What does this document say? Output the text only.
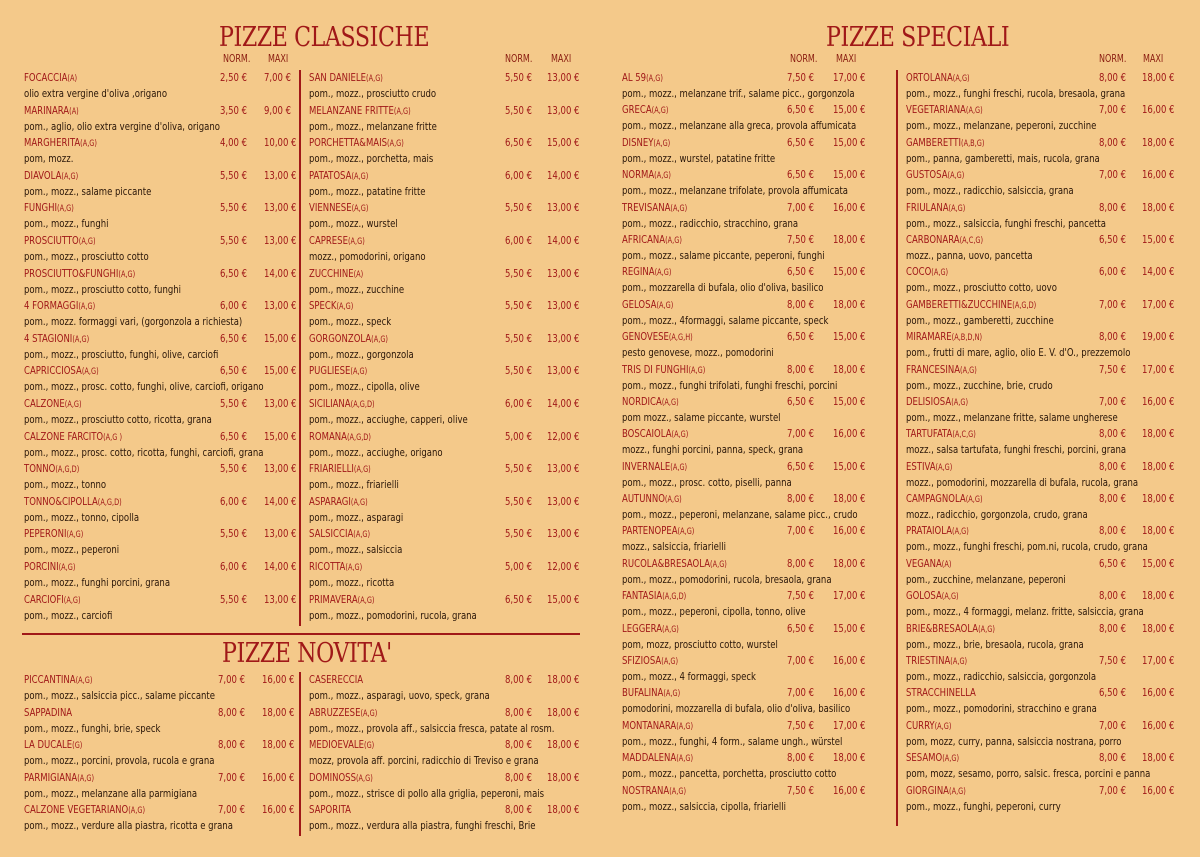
PIZZE CLASSICHE	PIZZE SPECIALI
PIZZE NOVITA'
NORM. MAXI	NORM. MAXI	NORM. MAXI	NORM. MAXI
FOCACCIA(A)	2,50 € 7,00 €
olio extra vergine d'oliva ,origano
MARINARA(A)	3,50 € 9,00 €
pom., aglio, olio extra vergine d'oliva, origano
MARGHERITA(A,G)	4,00 € 10,00 €
pom, mozz.
DIAVOLA(A,G)	5,50 € 13,00 €
pom., mozz., salame piccante
FUNGHI(A,G)	5,50 € 13,00 €
pom., mozz., funghi
PROSCIUTTO(A,G)	5,50 € 13,00 €
pom., mozz., prosciutto cotto
PROSCIUTTO&FUNGHI(A,G)	6,50 € 14,00 €
pom., mozz., prosciutto cotto, funghi
4 FORMAGGI(A,G)	6,00 € 13,00 €
pom., mozz. formaggi vari, (gorgonzola a richiesta)
4 STAGIONI(A,G)	6,50 € 15,00 €
pom., mozz., prosciutto, funghi, olive, carciofi
CAPRICCIOSA(A,G)	6,50 € 15,00 €
pom., mozz., prosc. cotto, funghi, olive, carciofi, origano
CALZONE(A,G)	5,50 € 13,00 €
pom., mozz., prosciutto cotto, ricotta, grana
CALZONE FARCITO(A,G )	6,50 € 15,00 €
pom., mozz., prosc. cotto, ricotta, funghi, carciofi, grana
TONNO(A,G,D)	5,50 € 13,00 €
pom., mozz., tonno
TONNO&CIPOLLA(A,G,D)	6,00 € 14,00 €
pom., mozz., tonno, cipolla
PEPERONI(A,G)	5,50 € 13,00 €
pom., mozz., peperoni
PORCINI(A,G)	6,00 € 14,00 €
pom., mozz., funghi porcini, grana
CARCIOFI(A,G)	5,50 € 13,00 €
pom., mozz., carciofi
SAN DANIELE(A,G)	5,50 € 13,00 €
pom., mozz., prosciutto crudo
MELANZANE FRITTE(A,G)	5,50 € 13,00 €
pom., mozz., melanzane fritte
PORCHETTA&MAIS(A,G)	6,50 € 15,00 €
pom., mozz., porchetta, mais
PATATOSA(A,G)	6,00 € 14,00 €
pom., mozz., patatine fritte
VIENNESE(A,G)	5,50 € 13,00 €
pom., mozz., wurstel
CAPRESE(A,G)	6,00 € 14,00 €
mozz., pomodorini, origano
ZUCCHINE(A)	5,50 € 13,00 €
pom., mozz., zucchine
SPECK(A,G)	5,50 € 13,00 €
pom., mozz., speck
GORGONZOLA(A,G)	5,50 € 13,00 €
pom., mozz., gorgonzola
PUGLIESE(A,G)	5,50 € 13,00 €
pom., mozz., cipolla, olive
SICILIANA(A,G,D)	6,00 € 14,00 €
pom., mozz., acciughe, capperi, olive
ROMANA(A,G,D)	5,00 € 12,00 €
pom., mozz., acciughe, origano
FRIARIELLI(A,G)	5,50 € 13,00 €
pom., mozz., friarielli
ASPARAGI(A,G)	5,50 € 13,00 €
pom., mozz., asparagi
SALSICCIA(A,G)	5,50 € 13,00 €
pom., mozz., salsiccia
RICOTTA(A,G)	5,00 € 12,00 €
pom., mozz., ricotta
PRIMAVERA(A,G)	6,50 € 15,00 €
pom., mozz., pomodorini, rucola, grana
PICCANTINA(A,G)	7,00 € 16,00 €
pom., mozz., salsiccia picc., salame piccante
SAPPADINA	8,00 € 18,00 €
pom., mozz., funghi, brie, speck
LA DUCALE(G)	8,00 € 18,00 €
pom., mozz., porcini, provola, rucola e grana
PARMIGIANA(A,G)	7,00 € 16,00 €
pom., mozz., melanzane alla parmigiana
CALZONE VEGETARIANO(A,G)	7,00 € 16,00 €
pom., mozz., verdure alla piastra, ricotta e grana
CASERECCIA	8,00 € 18,00 €
pom., mozz., asparagi, uovo, speck, grana
ABRUZZESE(A,G)	8,00 € 18,00 €
pom., mozz., provola aff., salsiccia fresca, patate al rosm.
MEDIOEVALE(G)	8,00 € 18,00 €
mozz, provola aff. porcini, radicchio di Treviso e grana
DOMINOSS(A,G)	8,00 € 18,00 €
pom., mozz., strisce di pollo alla griglia, peperoni, mais
SAPORITA	8,00 € 18,00 €
pom., mozz., verdura alla piastra, funghi freschi, Brie
AL 59(A,G)	7,50 € 17,00 €
pom., mozz., melanzane trif., salame picc., gorgonzola
GRECA(A,G)	6,50 € 15,00 €
pom., mozz., melanzane alla greca, provola affumicata
DISNEY(A,G)	6,50 € 15,00 €
pom., mozz., wurstel, patatine fritte
NORMA(A,G)	6,50 € 15,00 €
pom., mozz., melanzane trifolate, provola affumicata
TREVISANA(A,G)	7,00 € 16,00 €
pom., mozz., radicchio, stracchino, grana
AFRICANA(A,G)	7,50 € 18,00 €
pom., mozz., salame piccante, peperoni, funghi
REGINA(A,G)	6,50 € 15,00 €
pom., mozzarella di bufala, olio d'oliva, basilico
GELOSA(A,G)	8,00 € 18,00 €
pom., mozz., 4formaggi, salame piccante, speck
GENOVESE(A,G,H)	6,50 € 15,00 €
pesto genovese, mozz., pomodorini
TRIS DI FUNGHI(A,G)	8,00 € 18,00 €
pom., mozz., funghi trifolati, funghi freschi, porcini
NORDICA(A,G)	6,50 € 15,00 €
pom mozz., salame piccante, wurstel
BOSCAIOLA(A,G)	7,00 € 16,00 €
mozz., funghi porcini, panna, speck, grana
INVERNALE(A,G)	6,50 € 15,00 €
pom., mozz., prosc. cotto, piselli, panna
AUTUNNO(A,G)	8,00 € 18,00 €
pom., mozz., peperoni, melanzane, salame picc., crudo
PARTENOPEA(A,G)	7,00 € 16,00 €
mozz., salsiccia, friarielli
RUCOLA&BRESAOLA(A,G)	8,00 € 18,00 €
pom., mozz., pomodorini, rucola, bresaola, grana
FANTASIA(A,G,D)	7,50 € 17,00 €
pom., mozz., peperoni, cipolla, tonno, olive
LEGGERA(A,G)	6,50 € 15,00 €
pom, mozz, prosciutto cotto, wurstel
SFIZIOSA(A,G)	7,00 € 16,00 €
pom., mozz., 4 formaggi, speck
BUFALINA(A,G)	7,00 € 16,00 €
pomodorini, mozzarella di bufala, olio d'oliva, basilico
MONTANARA(A,G)	7,50 € 17,00 €
pom., mozz., funghi, 4 form., salame ungh., würstel
MADDALENA(A,G)	8,00 € 18,00 €
pom., mozz., pancetta, porchetta, prosciutto cotto
NOSTRANA(A,G)	7,50 € 16,00 €
pom., mozz., salsiccia, cipolla, friarielli
ORTOLANA(A,G)	8,00 € 18,00 €
pom., mozz., funghi freschi, rucola, bresaola, grana
VEGETARIANA(A,G)	7,00 € 16,00 €
pom., mozz., melanzane, peperoni, zucchine
GAMBERETTI(A,B,G)	8,00 € 18,00 €
pom., panna, gamberetti, mais, rucola, grana
GUSTOSA(A,G)	7,00 € 16,00 €
pom., mozz., radicchio, salsiccia, grana
FRIULANA(A,G)	8,00 € 18,00 €
pom., mozz., salsiccia, funghi freschi, pancetta
CARBONARA(A,C,G)	6,50 € 15,00 €
mozz., panna, uovo, pancetta
COCO(A,G)	6,00 € 14,00 €
pom., mozz., prosciutto cotto, uovo
GAMBERETTI&ZUCCHINE(A,G,D)	7,00 € 17,00 €
pom., mozz., gamberetti, zucchine
MIRAMARE(A,B,D,N)	8,00 € 19,00 €
pom., frutti di mare, aglio, olio E. V. d'O., prezzemolo
FRANCESINA(A,G)	7,50 € 17,00 €
pom., mozz., zucchine, brie, crudo
DELISIOSA(A,G)	7,00 € 16,00 €
pom., mozz., melanzane fritte, salame ungherese
TARTUFATA(A,C,G)	8,00 € 18,00 €
mozz., salsa tartufata, funghi freschi, porcini, grana
ESTIVA(A,G)	8,00 € 18,00 €
mozz., pomodorini, mozzarella di bufala, rucola, grana
CAMPAGNOLA(A,G)	8,00 € 18,00 €
mozz., radicchio, gorgonzola, crudo, grana
PRATAIOLA(A,G)	8,00 € 18,00 €
pom., mozz., funghi freschi, pom.ni, rucola, crudo, grana
VEGANA(A)	6,50 € 15,00 €
pom., zucchine, melanzane, peperoni
GOLOSA(A,G)	8,00 € 18,00 €
pom., mozz., 4 formaggi, melanz. fritte, salsiccia, grana
BRIE&BRESAOLA(A,G)	8,00 € 18,00 €
pom., mozz., brie, bresaola, rucola, grana
TRIESTINA(A,G)	7,50 € 17,00 €
pom., mozz., radicchio, salsiccia, gorgonzola
STRACCHINELLA	6,50 € 16,00 €
pom., mozz., pomodorini, stracchino e grana
CURRY(A,G)	7,00 € 16,00 €
pom, mozz, curry, panna, salsiccia nostrana, porro
SESAMO(A,G)	8,00 € 18,00 €
pom, mozz, sesamo, porro, salsic. fresca, porcini e panna
GIORGINA(A,G)	7,00 € 16,00 €
pom., mozz., funghi, peperoni, curry
